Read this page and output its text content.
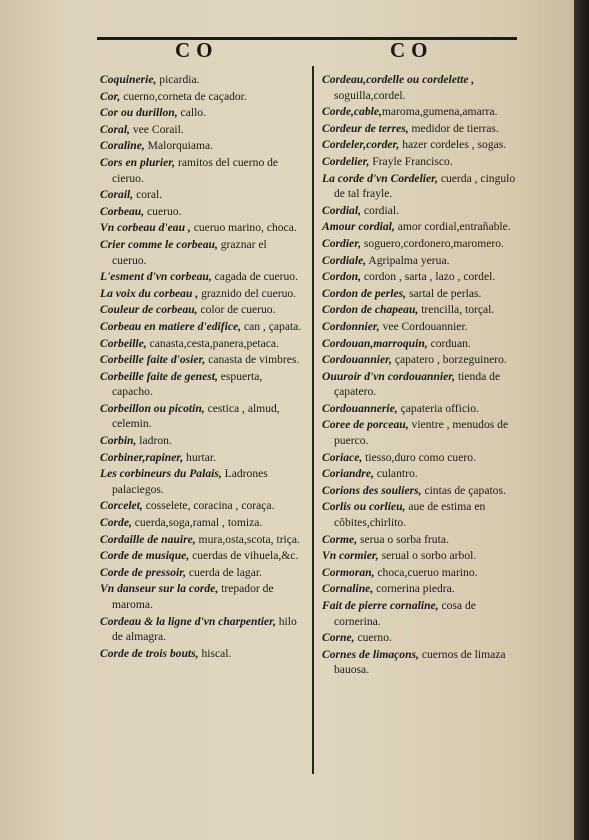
CO	CO
Coquinerie, picardia.
Cor, cuerno,corneta de caçador.
Cor ou durillon, callo.
Coral, vee Corail.
Coraline, Malorquiama.
Cors en plurier, ramitos del cuerno de cieruo.
Corail, coral.
Corbeau, cueruo.
Vn corbeau d'eau , cueruo marino, choca.
Crier comme le corbeau, graznar el cueruo.
L'esment d'vn corbeau, cagada de cueruo.
La voix du corbeau , graznido del cueruo.
Couleur de corbeau, color de cueruo.
Corbeau en matiere d'edifice, can , çapata.
Corbeille, canasta,cesta,panera,petaca.
Corbeille faite d'osier, canasta de vimbres.
Corbeille faite de genest, espuerta, capacho.
Corbeillon ou picotin, cestica , almud, celemin.
Corbin, ladron.
Corbiner,rapiner, hurtar.
Les corbineurs du Palais, Ladrones palaciegos.
Corcelet, cosselete, coracina , coraça.
Corde, cuerda,soga,ramal , tomiza.
Cordaille de nauire, mura,osta,scota, triça.
Corde de musique, cuerdas de vihuela,&c.
Corde de pressoir, cuerda de lagar.
Vn danseur sur la corde, trepador de maroma.
Cordeau & la ligne d'vn charpentier, hilo de almagra.
Corde de trois bouts, hiscal.
Cordeau,cordelle ou cordelette , soguilla,cordel.
Corde,cable,maroma,gumena,amarra.
Cordeur de terres, medidor de tierras.
Cordeler,corder, hazer cordeles , sogas.
Cordelier, Frayle Francisco.
La corde d'vn Cordelier, cuerda , cingulo de tal frayle.
Cordial, cordial.
Amour cordial, amor cordial,entrañable.
Cordier, soguero,cordonero,maromero.
Cordiale, Agripalma yerua.
Cordon, cordon , sarta , lazo , cordel.
Cordon de perles, sartal de perlas.
Cordon de chapeau, trencilla, torçal.
Cordonnier, vee Cordouannier.
Cordouan,marroquin, corduan.
Cordouannier, çapatero , borzeguinero.
Ouuroir d'vn cordouannier, tienda de çapatero.
Cordouannerie, çapateria officio.
Coree de porceau, vientre , menudos de puerco.
Coriace, tiesso,duro como cuero.
Coriandre, culantro.
Corions des souliers, cintas de çapatos.
Corlis ou corlieu, aue de estima en côbites,chirlito.
Corme, serua o sorba fruta.
Vn cormier, serual o sorbo arbol.
Cormoran, choca,cueruo marino.
Cornaline, cornerina piedra.
Fait de pierre cornaline, cosa de cornerina.
Corne, cuerno.
Cornes de limaçons, cuernos de limaza bauosa.
